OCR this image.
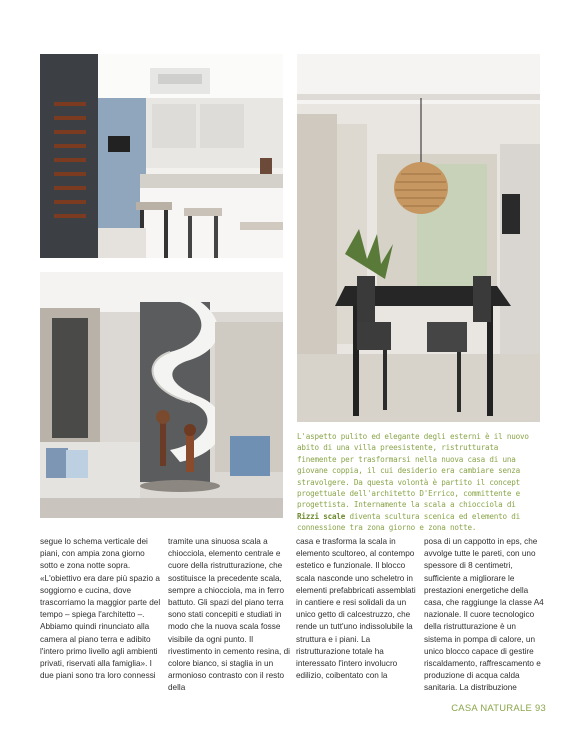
L'aspetto pulito ed elegante degli esterni è il nuovo abito di una villa preesistente, ristrutturata finemente per trasformarsi nella nuova casa di una giovane coppia, il cui desiderio era cambiare senza stravolgere. Da questa volontà è partito il concept progettuale dell'architetto D'Errico, committente e progettista. Internamente la scala a chiocciola di Rizzi scale diventa scultura scenica ed elemento di connessione tra zona giorno e zona notte.

segue lo schema verticale dei piani, con ampia zona giorno sotto e zona notte sopra. «L'obiettivo era dare più spazio a soggiorno e cucina, dove trascorriamo la maggior parte del tempo – spiega l'architetto –. Abbiamo quindi rinunciato alla camera al piano terra e adibito l'intero primo livello agli ambienti privati, riservati alla famiglia». I due piani sono tra loro connessi

tramite una sinuosa scala a chiocciola, elemento centrale e cuore della ristrutturazione, che sostituisce la precedente scala, sempre a chiocciola, ma in ferro battuto. Gli spazi del piano terra sono stati concepiti e studiati in modo che la nuova scala fosse visibile da ogni punto. Il rivestimento in cemento resina, di colore bianco, si staglia in un armonioso contrasto con il resto della

casa e trasforma la scala in elemento scultoreo, al contempo estetico e funzionale. Il blocco scala nasconde uno scheletro in elementi prefabbricati assemblati in cantiere e resi solidali da un unico getto di calcestruzzo, che rende un tutt'uno indissolubile la struttura e i piani. La ristrutturazione totale ha interessato l'intero involucro edilizio, coibentato con la

posa di un cappotto in eps, che avvolge tutte le pareti, con uno spessore di 8 centimetri, sufficiente a migliorare le prestazioni energetiche della casa, che raggiunge la classe A4 nazionale. Il cuore tecnologico della ristrutturazione è un sistema in pompa di calore, un unico blocco capace di gestire riscaldamento, raffrescamento e produzione di acqua calda sanitaria. La distribuzione

CASA NATURALE 93
